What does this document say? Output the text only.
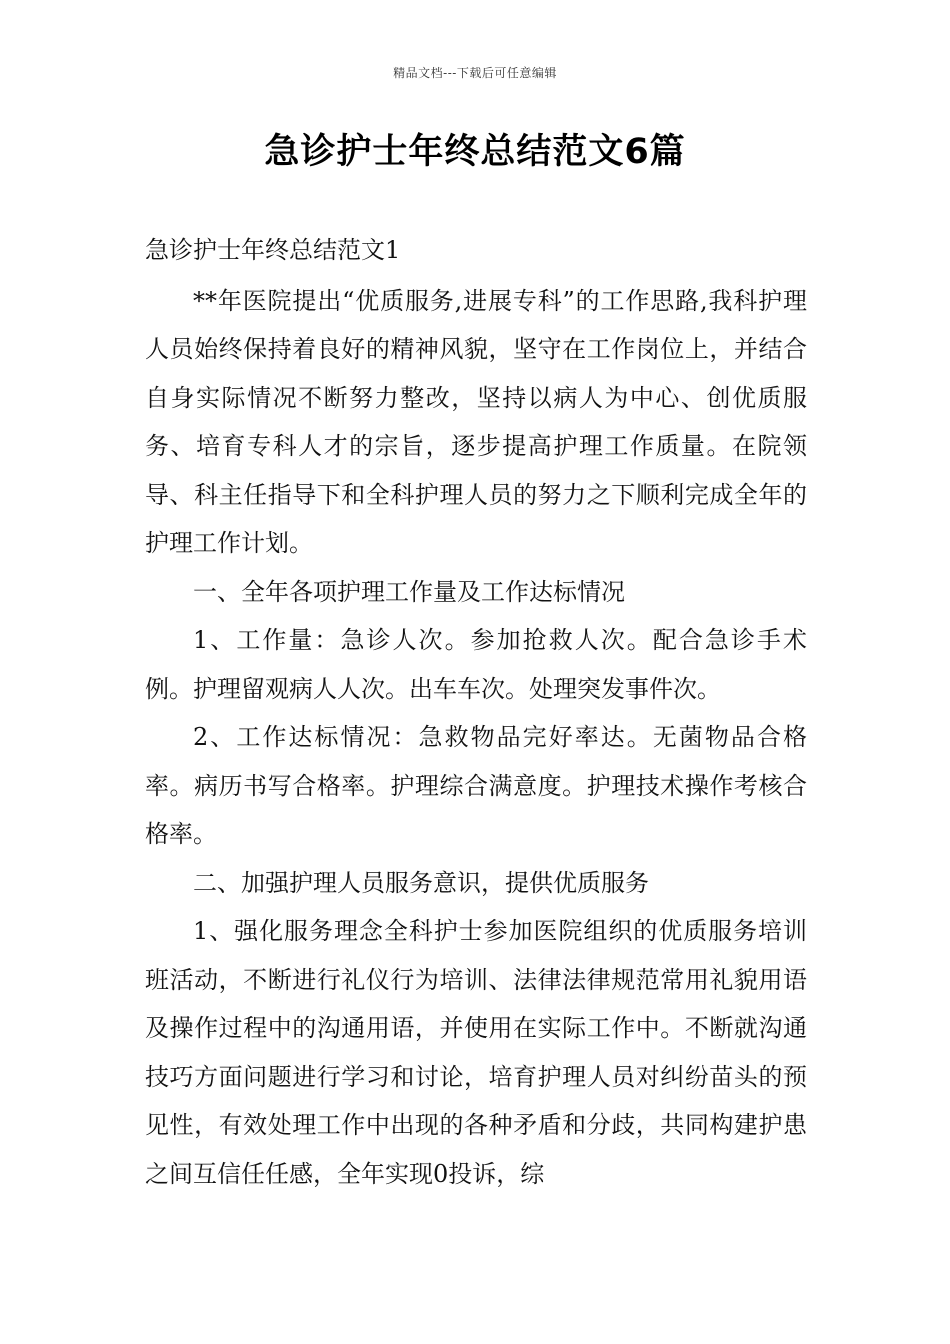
精品文档---下载后可任意编辑
急诊护士年终总结范文6篇

急诊护士年终总结范文1

**年医院提出“优质服务,进展专科”的工作思路,我科护理人员始终保持着良好的精神风貌，坚守在工作岗位上，并结合自身实际情况不断努力整改，坚持以病人为中心、创优质服务、培育专科人才的宗旨，逐步提高护理工作质量。在院领导、科主任指导下和全科护理人员的努力之下顺利完成全年的护理工作计划。

一、全年各项护理工作量及工作达标情况

1、工作量：急诊人次。参加抢救人次。配合急诊手术例。护理留观病人人次。出车车次。处理突发事件次。

2、工作达标情况：急救物品完好率达。无菌物品合格率。病历书写合格率。护理综合满意度。护理技术操作考核合格率。

二、加强护理人员服务意识，提供优质服务

1、强化服务理念全科护士参加医院组织的优质服务培训班活动，不断进行礼仪行为培训、法律法律规范常用礼貌用语及操作过程中的沟通用语，并使用在实际工作中。不断就沟通技巧方面问题进行学习和讨论，培育护理人员对纠纷苗头的预见性，有效处理工作中出现的各种矛盾和分歧，共同构建护患之间互信任任感，全年实现0投诉，综
